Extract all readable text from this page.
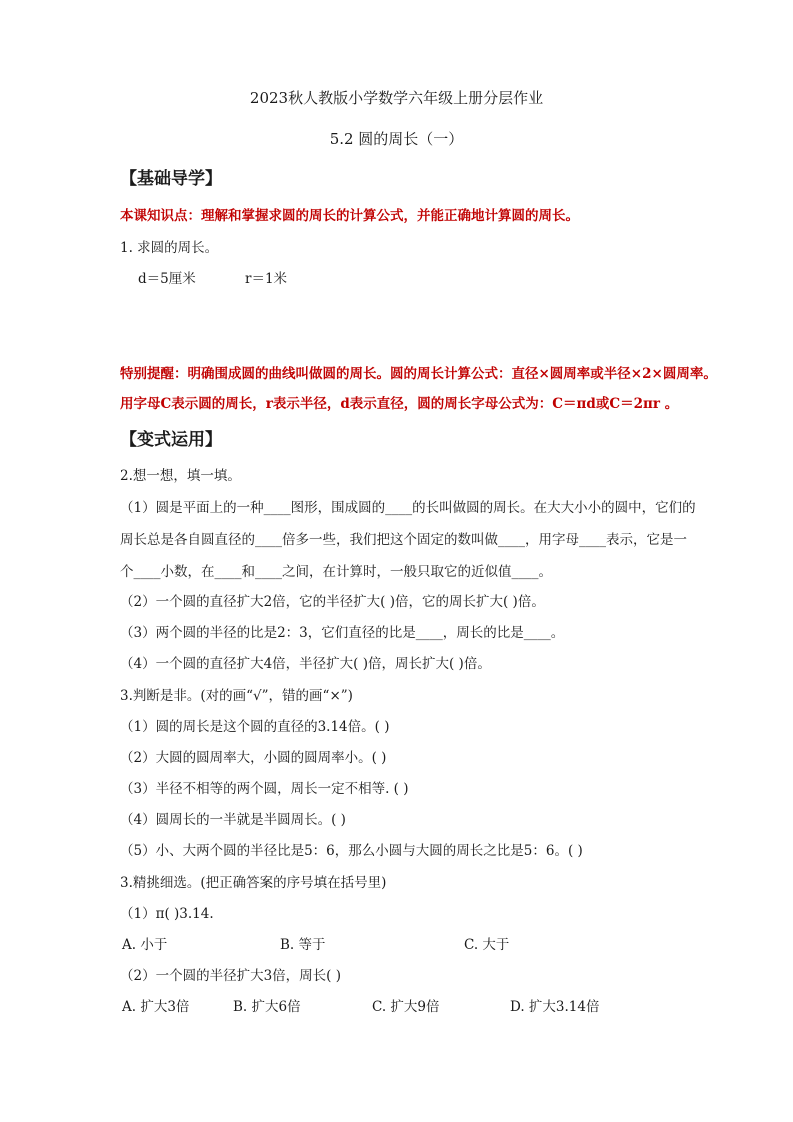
2023秋人教版小学数学六年级上册分层作业
5.2 圆的周长（一）
【基础导学】
本课知识点：理解和掌握求圆的周长的计算公式，并能正确地计算圆的周长。
1. 求圆的周长。
d＝5厘米	r＝1米
特别提醒：明确围成圆的曲线叫做圆的周长。圆的周长计算公式：直径×圆周率或半径×2×圆周率。
用字母C表示圆的周长，r表示半径，d表示直径，圆的周长字母公式为：C＝πd或C＝2πr 。
【变式运用】
2.想一想，填一填。
（1）圆是平面上的一种____图形，围成圆的____的长叫做圆的周长。在大大小小的圆中，它们的
周长总是各自圆直径的____倍多一些，我们把这个固定的数叫做____，用字母____表示，它是一
个____小数，在____和____之间，在计算时，一般只取它的近似值____。
（2）一个圆的直径扩大2倍，它的半径扩大( )倍，它的周长扩大( )倍。
（3）两个圆的半径的比是2：3，它们直径的比是____，周长的比是____。
（4）一个圆的直径扩大4倍，半径扩大( )倍，周长扩大( )倍。
3.判断是非。(对的画“√”，错的画“×”)
（1）圆的周长是这个圆的直径的3.14倍。( )
（2）大圆的圆周率大，小圆的圆周率小。( )
（3）半径不相等的两个圆，周长一定不相等. ( )
（4）圆周长的一半就是半圆周长。( )
（5）小、大两个圆的半径比是5：6，那么小圆与大圆的周长之比是5：6。( )
3.精挑细选。(把正确答案的序号填在括号里)
（1）π( )3.14.
A. 小于	B. 等于	C. 大于
（2）一个圆的半径扩大3倍，周长( )
A. 扩大3倍	B. 扩大6倍	C. 扩大9倍	D. 扩大3.14倍
